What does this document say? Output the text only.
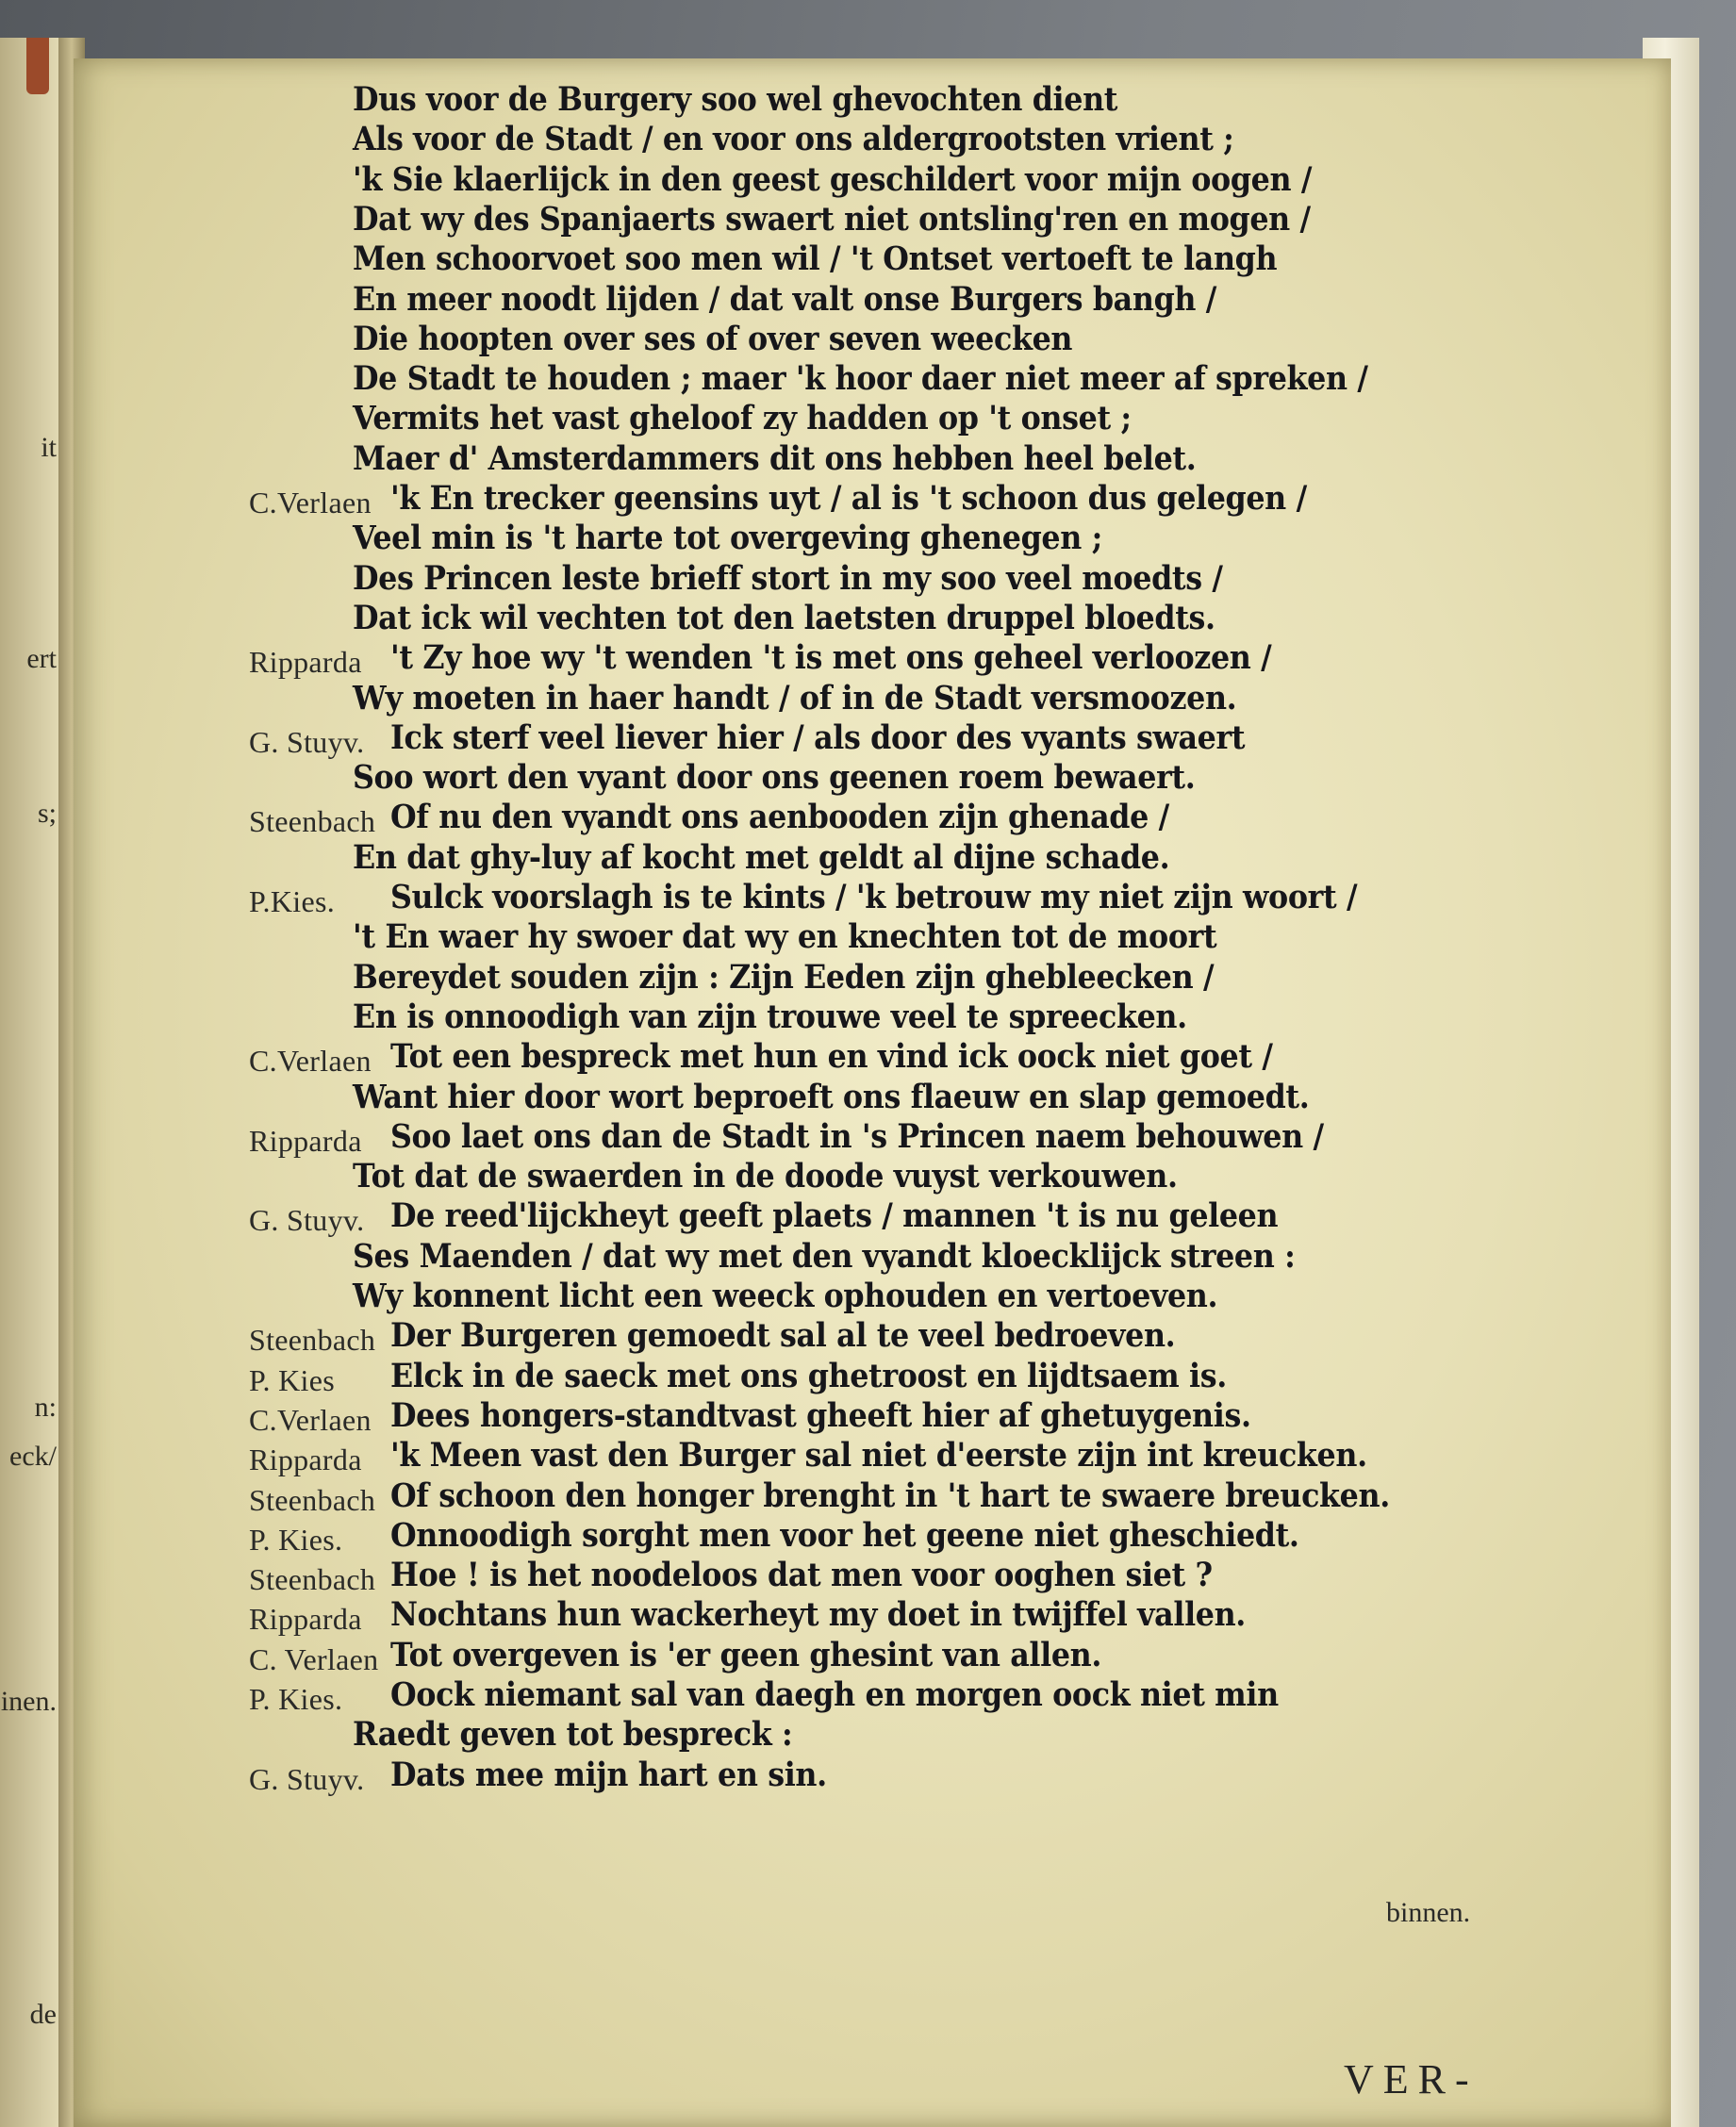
it
ert
s;
n:
eck/
inen.
de
Dus voor de Burgery soo wel ghevochten dient
Als voor de Stadt / en voor ons aldergrootsten vrient ;
'k Sie klaerlijck in den geest geschildert voor mijn oogen /
Dat wy des Spanjaerts swaert niet ontsling'ren en mogen /
Men schoorvoet soo men wil / 't Ontset vertoeft te langh
En meer noodt lijden / dat valt onse Burgers bangh /
Die hoopten over ses of over seven weecken
De Stadt te houden ; maer 'k hoor daer niet meer af spreken /
Vermits het vast gheloof zy hadden op 't onset ;
Maer d' Amsterdammers dit ons hebben heel belet.
C.Verlaen 'k En trecker geensins uyt / al is 't schoon dus gelegen /
Veel min is 't harte tot overgeving ghenegen ;
Des Princen leste brieff stort in my soo veel moedts /
Dat ick wil vechten tot den laetsten druppel bloedts.
Ripparda 't Zy hoe wy 't wenden 't is met ons geheel verloozen /
Wy moeten in haer handt / of in de Stadt versmoozen.
G. Stuyv. Ick sterf veel liever hier / als door des vyants swaert
Soo wort den vyant door ons geenen roem bewaert.
Steenbach Of nu den vyandt ons aenbooden zijn ghenade /
En dat ghy-luy af kocht met geldt al dijne schade.
P.Kies. Sulck voorslagh is te kints / 'k betrouw my niet zijn woort /
't En waer hy swoer dat wy en knechten tot de moort
Bereydet souden zijn : Zijn Eeden zijn ghebleecken /
En is onnoodigh van zijn trouwe veel te spreecken.
C.Verlaen Tot een bespreck met hun en vind ick oock niet goet /
Want hier door wort beproeft ons flaeuw en slap gemoedt.
Ripparda Soo laet ons dan de Stadt in 's Princen naem behouwen /
Tot dat de swaerden in de doode vuyst verkouwen.
G. Stuyv. De reed'lijckheyt geeft plaets / mannen 't is nu geleen
Ses Maenden / dat wy met den vyandt kloecklijck streen :
Wy konnent licht een weeck ophouden en vertoeven.
Steenbach Der Burgeren gemoedt sal al te veel bedroeven.
P. Kies Elck in de saeck met ons ghetroost en lijdtsaem is.
C.Verlaen Dees hongers-standtvast gheeft hier af ghetuygenis.
Ripparda 'k Meen vast den Burger sal niet d'eerste zijn int kreucken.
Steenbach Of schoon den honger brenght in 't hart te swaere breucken.
P. Kies. Onnoodigh sorght men voor het geene niet gheschiedt.
Steenbach Hoe ! is het noodeloos dat men voor ooghen siet ?
Ripparda Nochtans hun wackerheyt my doet in twijffel vallen.
C. Verlaen Tot overgeven is 'er geen ghesint van allen.
P. Kies. Oock niemant sal van daegh en morgen oock niet min
Raedt geven tot bespreck :
G. Stuyv. Dats mee mijn hart en sin.
binnen.
VER-
